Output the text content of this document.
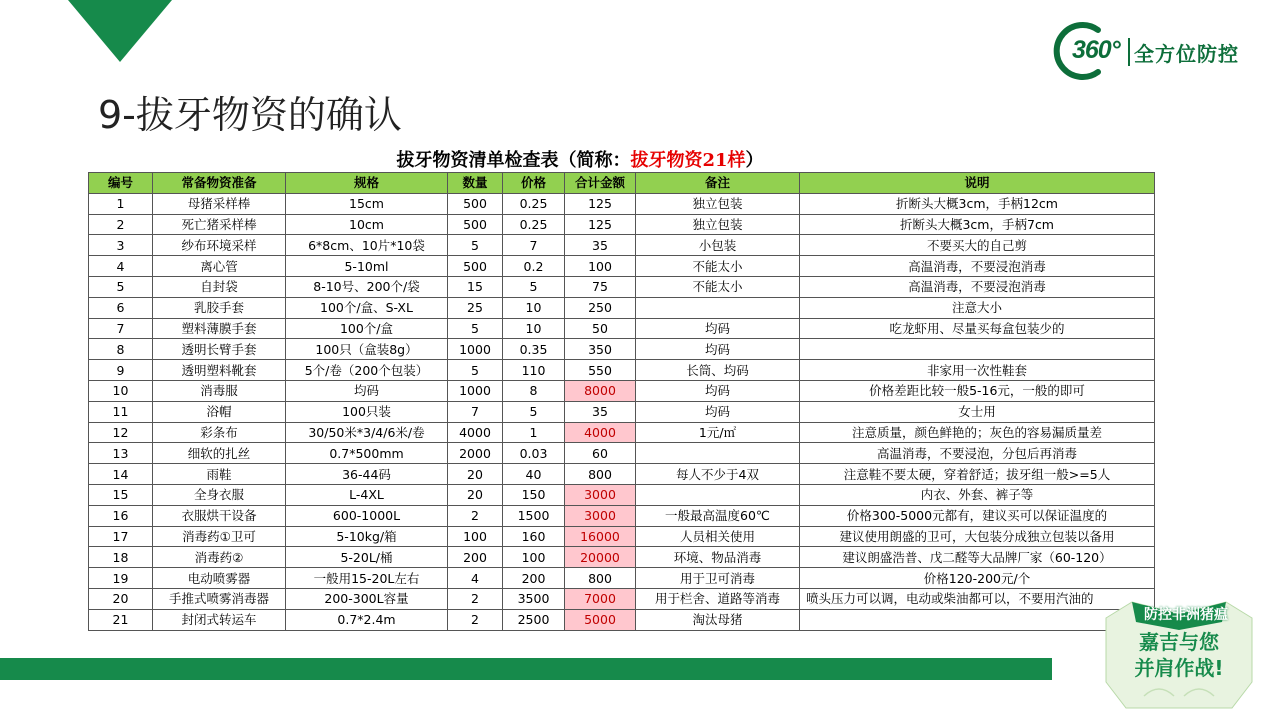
360° 全方位防控
9-拔牙物资的确认
拔牙物资清单检查表（简称：拔牙物资21样）
编号	常备物资准备	规格	数量	价格	合计金额	备注	说明
1	母猪采样棒	15cm	500	0.25	125	独立包装	折断头大概3cm，手柄12cm
2	死亡猪采样棒	10cm	500	0.25	125	独立包装	折断头大概3cm，手柄7cm
3	纱布环境采样	6*8cm、10片*10袋	5	7	35	小包装	不要买大的自己剪
4	离心管	5-10ml	500	0.2	100	不能太小	高温消毒，不要浸泡消毒
5	自封袋	8-10号、200个/袋	15	5	75	不能太小	高温消毒，不要浸泡消毒
6	乳胶手套	100个/盒、S-XL	25	10	250		注意大小
7	塑料薄膜手套	100个/盒	5	10	50	均码	吃龙虾用、尽量买每盒包装少的
8	透明长臂手套	100只（盒装8g）	1000	0.35	350	均码	
9	透明塑料靴套	5个/卷（200个包装）	5	110	550	长筒、均码	非家用一次性鞋套
10	消毒服	均码	1000	8	8000	均码	价格差距比较一般5-16元，一般的即可
11	浴帽	100只装	7	5	35	均码	女士用
12	彩条布	30/50米*3/4/6米/卷	4000	1	4000	1元/㎡	注意质量，颜色鲜艳的；灰色的容易漏质量差
13	细软的扎丝	0.7*500mm	2000	0.03	60		高温消毒，不要浸泡，分包后再消毒
14	雨鞋	36-44码	20	40	800	每人不少于4双	注意鞋不要太硬，穿着舒适；拔牙组一般>=5人
15	全身衣服	L-4XL	20	150	3000		内衣、外套、裤子等
16	衣服烘干设备	600-1000L	2	1500	3000	一般最高温度60℃	价格300-5000元都有，建议买可以保证温度的
17	消毒药①卫可	5-10kg/箱	100	160	16000	人员相关使用	建议使用朗盛的卫可，大包装分成独立包装以备用
18	消毒药②	5-20L/桶	200	100	20000	环境、物品消毒	建议朗盛浩普、戊二醛等大品牌厂家（60-120）
19	电动喷雾器	一般用15-20L左右	4	200	800	用于卫可消毒	价格120-200元/个
20	手推式喷雾消毒器	200-300L容量	2	3500	7000	用于栏舍、道路等消毒	喷头压力可以调，电动或柴油都可以，不要用汽油的
21	封闭式转运车	0.7*2.4m	2	2500	5000	淘汰母猪		防控非洲猪瘟
嘉吉与您
并肩作战!
